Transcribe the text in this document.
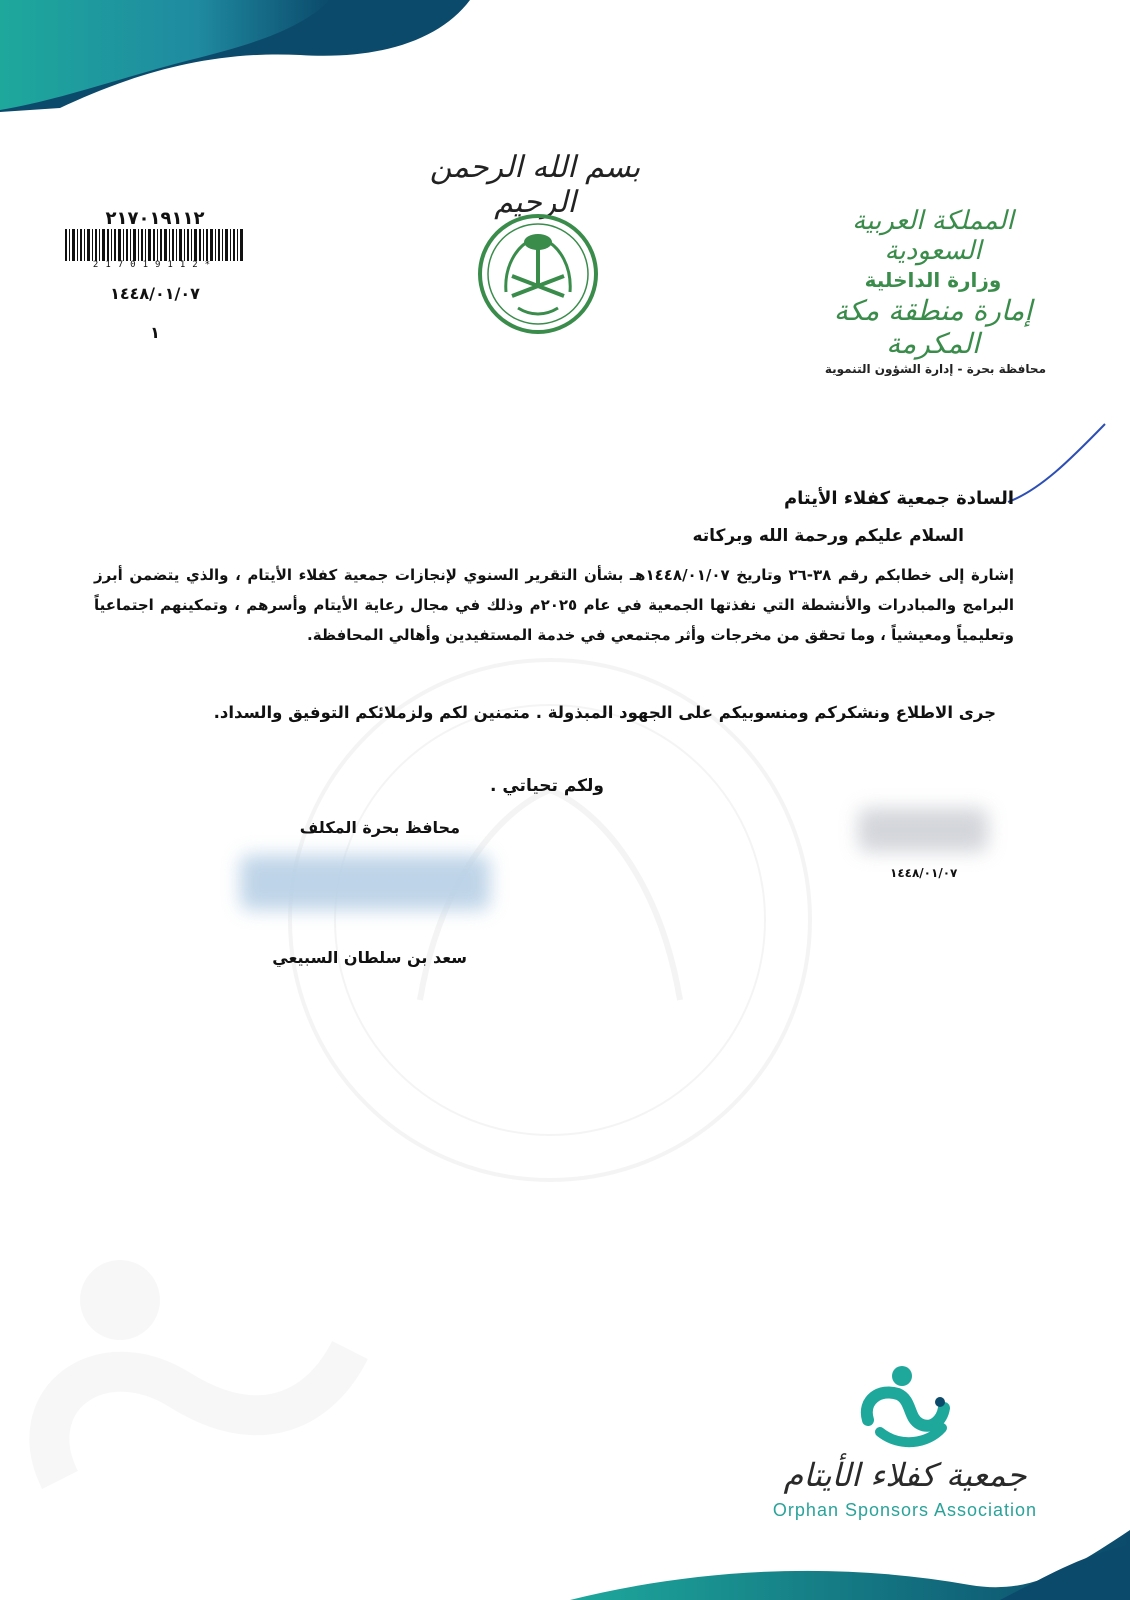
بسم الله الرحمن الرحيم
المملكة العربية السعودية
وزارة الداخلية
إمارة منطقة مكة المكرمة
محافظة بحرة - إدارة الشؤون التنموية
٢١٧٠١٩١١٢
217019112*
١٤٤٨/٠١/٠٧
١
السادة جمعية كفلاء الأيتام
السلام عليكم ورحمة الله وبركاته
إشارة إلى خطابكم رقم ٣٨-٢٦ وتاريخ ١٤٤٨/٠١/٠٧هـ بشأن التقرير السنوي لإنجازات جمعية كفلاء الأيتام ، والذي يتضمن أبرز البرامج والمبادرات والأنشطة التي نفذتها الجمعية في عام ٢٠٢٥م وذلك في مجال رعاية الأيتام وأسرهم ، وتمكينهم اجتماعياً وتعليمياً ومعيشياً ، وما تحقق من مخرجات وأثر مجتمعي في خدمة المستفيدين وأهالي المحافظة.
جرى الاطلاع ونشكركم ومنسوبيكم على الجهود المبذولة . متمنين لكم ولزملائكم التوفيق والسداد.
ولكم تحياتي .
محافظ بحرة المكلف
١٤٤٨/٠١/٠٧
سعد بن سلطان السبيعي
جمعية كفلاء الأيتام
Orphan Sponsors Association
